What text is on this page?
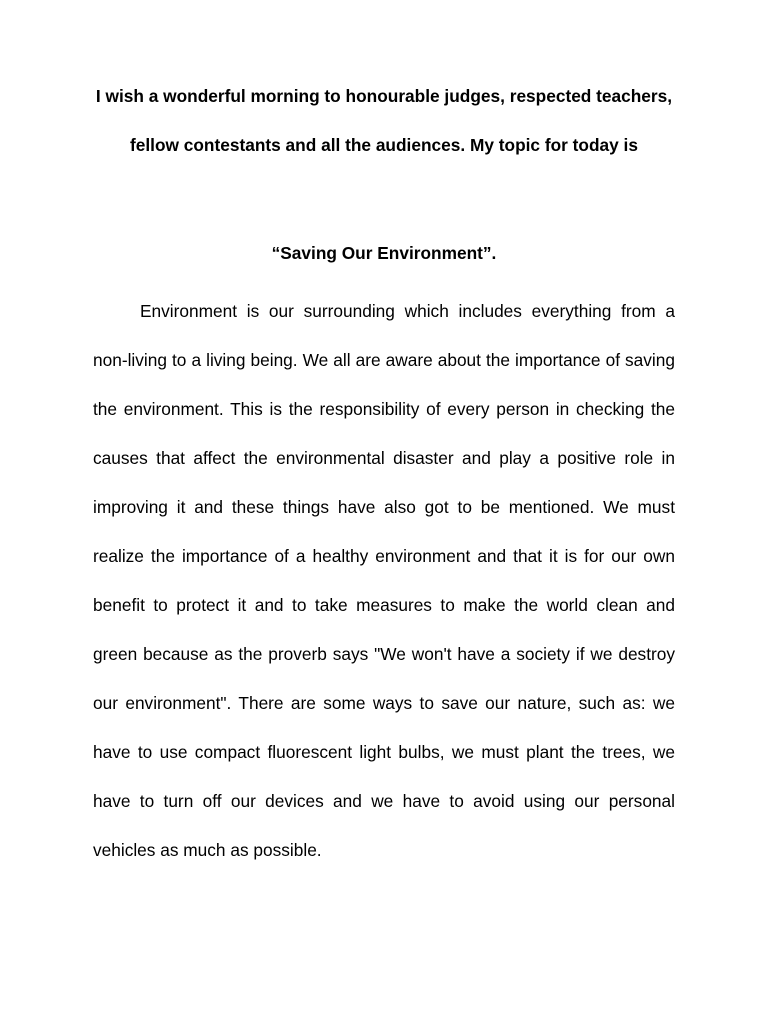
I wish a wonderful morning to honourable judges, respected teachers, fellow contestants and all the audiences. My topic for today is

“Saving Our Environment”.

Environment is our surrounding which includes everything from a non-living to a living being. We all are aware about the importance of saving the environment. This is the responsibility of every person in checking the causes that affect the environmental disaster and play a positive role in improving it and these things have also got to be mentioned. We must realize the importance of a healthy environment and that it is for our own benefit to protect it and to take measures to make the world clean and green because as the proverb says "We won't have a society if we destroy our environment". There are some ways to save our nature, such as: we have to use compact fluorescent light bulbs, we must plant the trees, we have to turn off our devices and we have to avoid using our personal vehicles as much as possible.
